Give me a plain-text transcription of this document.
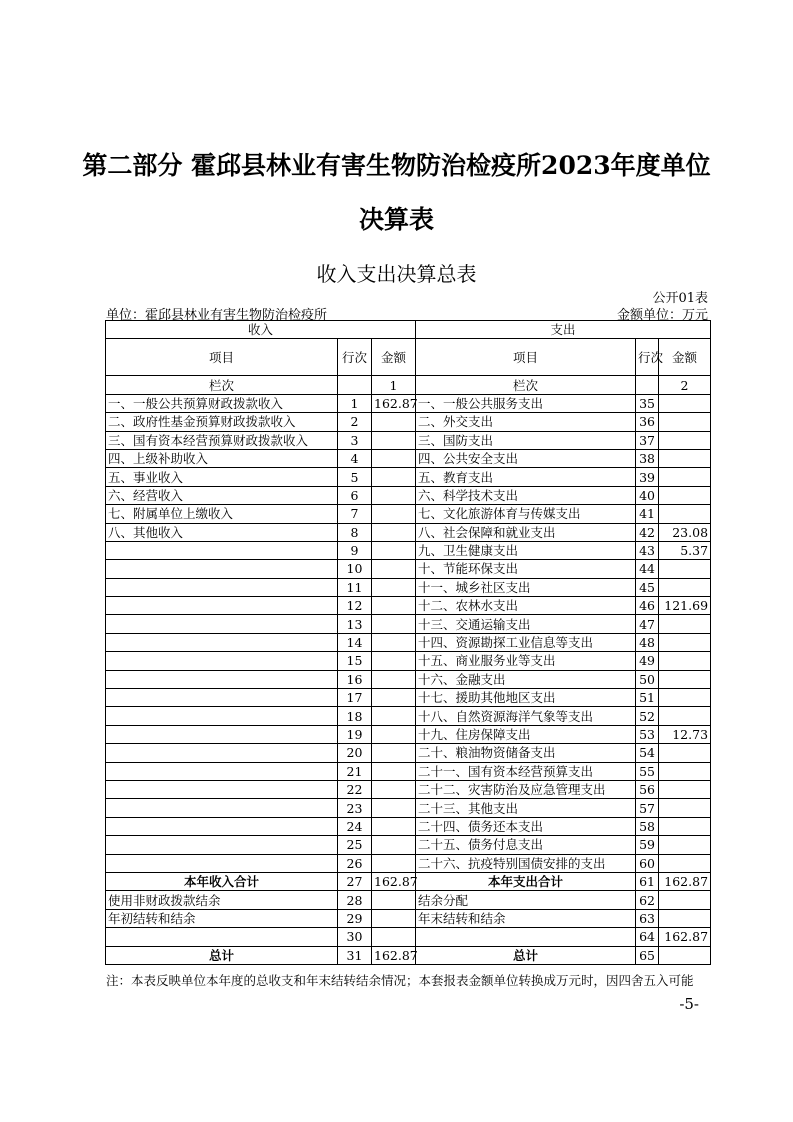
第二部分 霍邱县林业有害生物防治检疫所2023年度单位
决算表
收入支出决算总表
公开01表
单位：霍邱县林业有害生物防治检疫所	金额单位：万元
收入			支出		
项目	行次	金额	项目	行次	金额
栏次		1	栏次		2
一、一般公共预算财政拨款收入	1	162.87	一、一般公共服务支出	35	
二、政府性基金预算财政拨款收入	2		二、外交支出	36	
三、国有资本经营预算财政拨款收入	3		三、国防支出	37	
四、上级补助收入	4		四、公共安全支出	38	
五、事业收入	5		五、教育支出	39	
六、经营收入	6		六、科学技术支出	40	
七、附属单位上缴收入	7		七、文化旅游体育与传媒支出	41	
八、其他收入	8		八、社会保障和就业支出	42	23.08
	9		九、卫生健康支出	43	5.37
	10		十、节能环保支出	44	
	11		十一、城乡社区支出	45	
	12		十二、农林水支出	46	121.69
	13		十三、交通运输支出	47	
	14		十四、资源勘探工业信息等支出	48	
	15		十五、商业服务业等支出	49	
	16		十六、金融支出	50	
	17		十七、援助其他地区支出	51	
	18		十八、自然资源海洋气象等支出	52	
	19		十九、住房保障支出	53	12.73
	20		二十、粮油物资储备支出	54	
	21		二十一、国有资本经营预算支出	55	
	22		二十二、灾害防治及应急管理支出	56	
	23		二十三、其他支出	57	
	24		二十四、债务还本支出	58	
	25		二十五、债务付息支出	59	
	26		二十六、抗疫特别国债安排的支出	60	
本年收入合计	27	162.87	本年支出合计	61	162.87
使用非财政拨款结余	28		结余分配	62	
年初结转和结余	29		年末结转和结余	63	
	30			64	162.87
总计	31	162.87	总计	65	
注：本表反映单位本年度的总收支和年末结转结余情况；本套报表金额单位转换成万元时，因四舍五入可能
-5-
